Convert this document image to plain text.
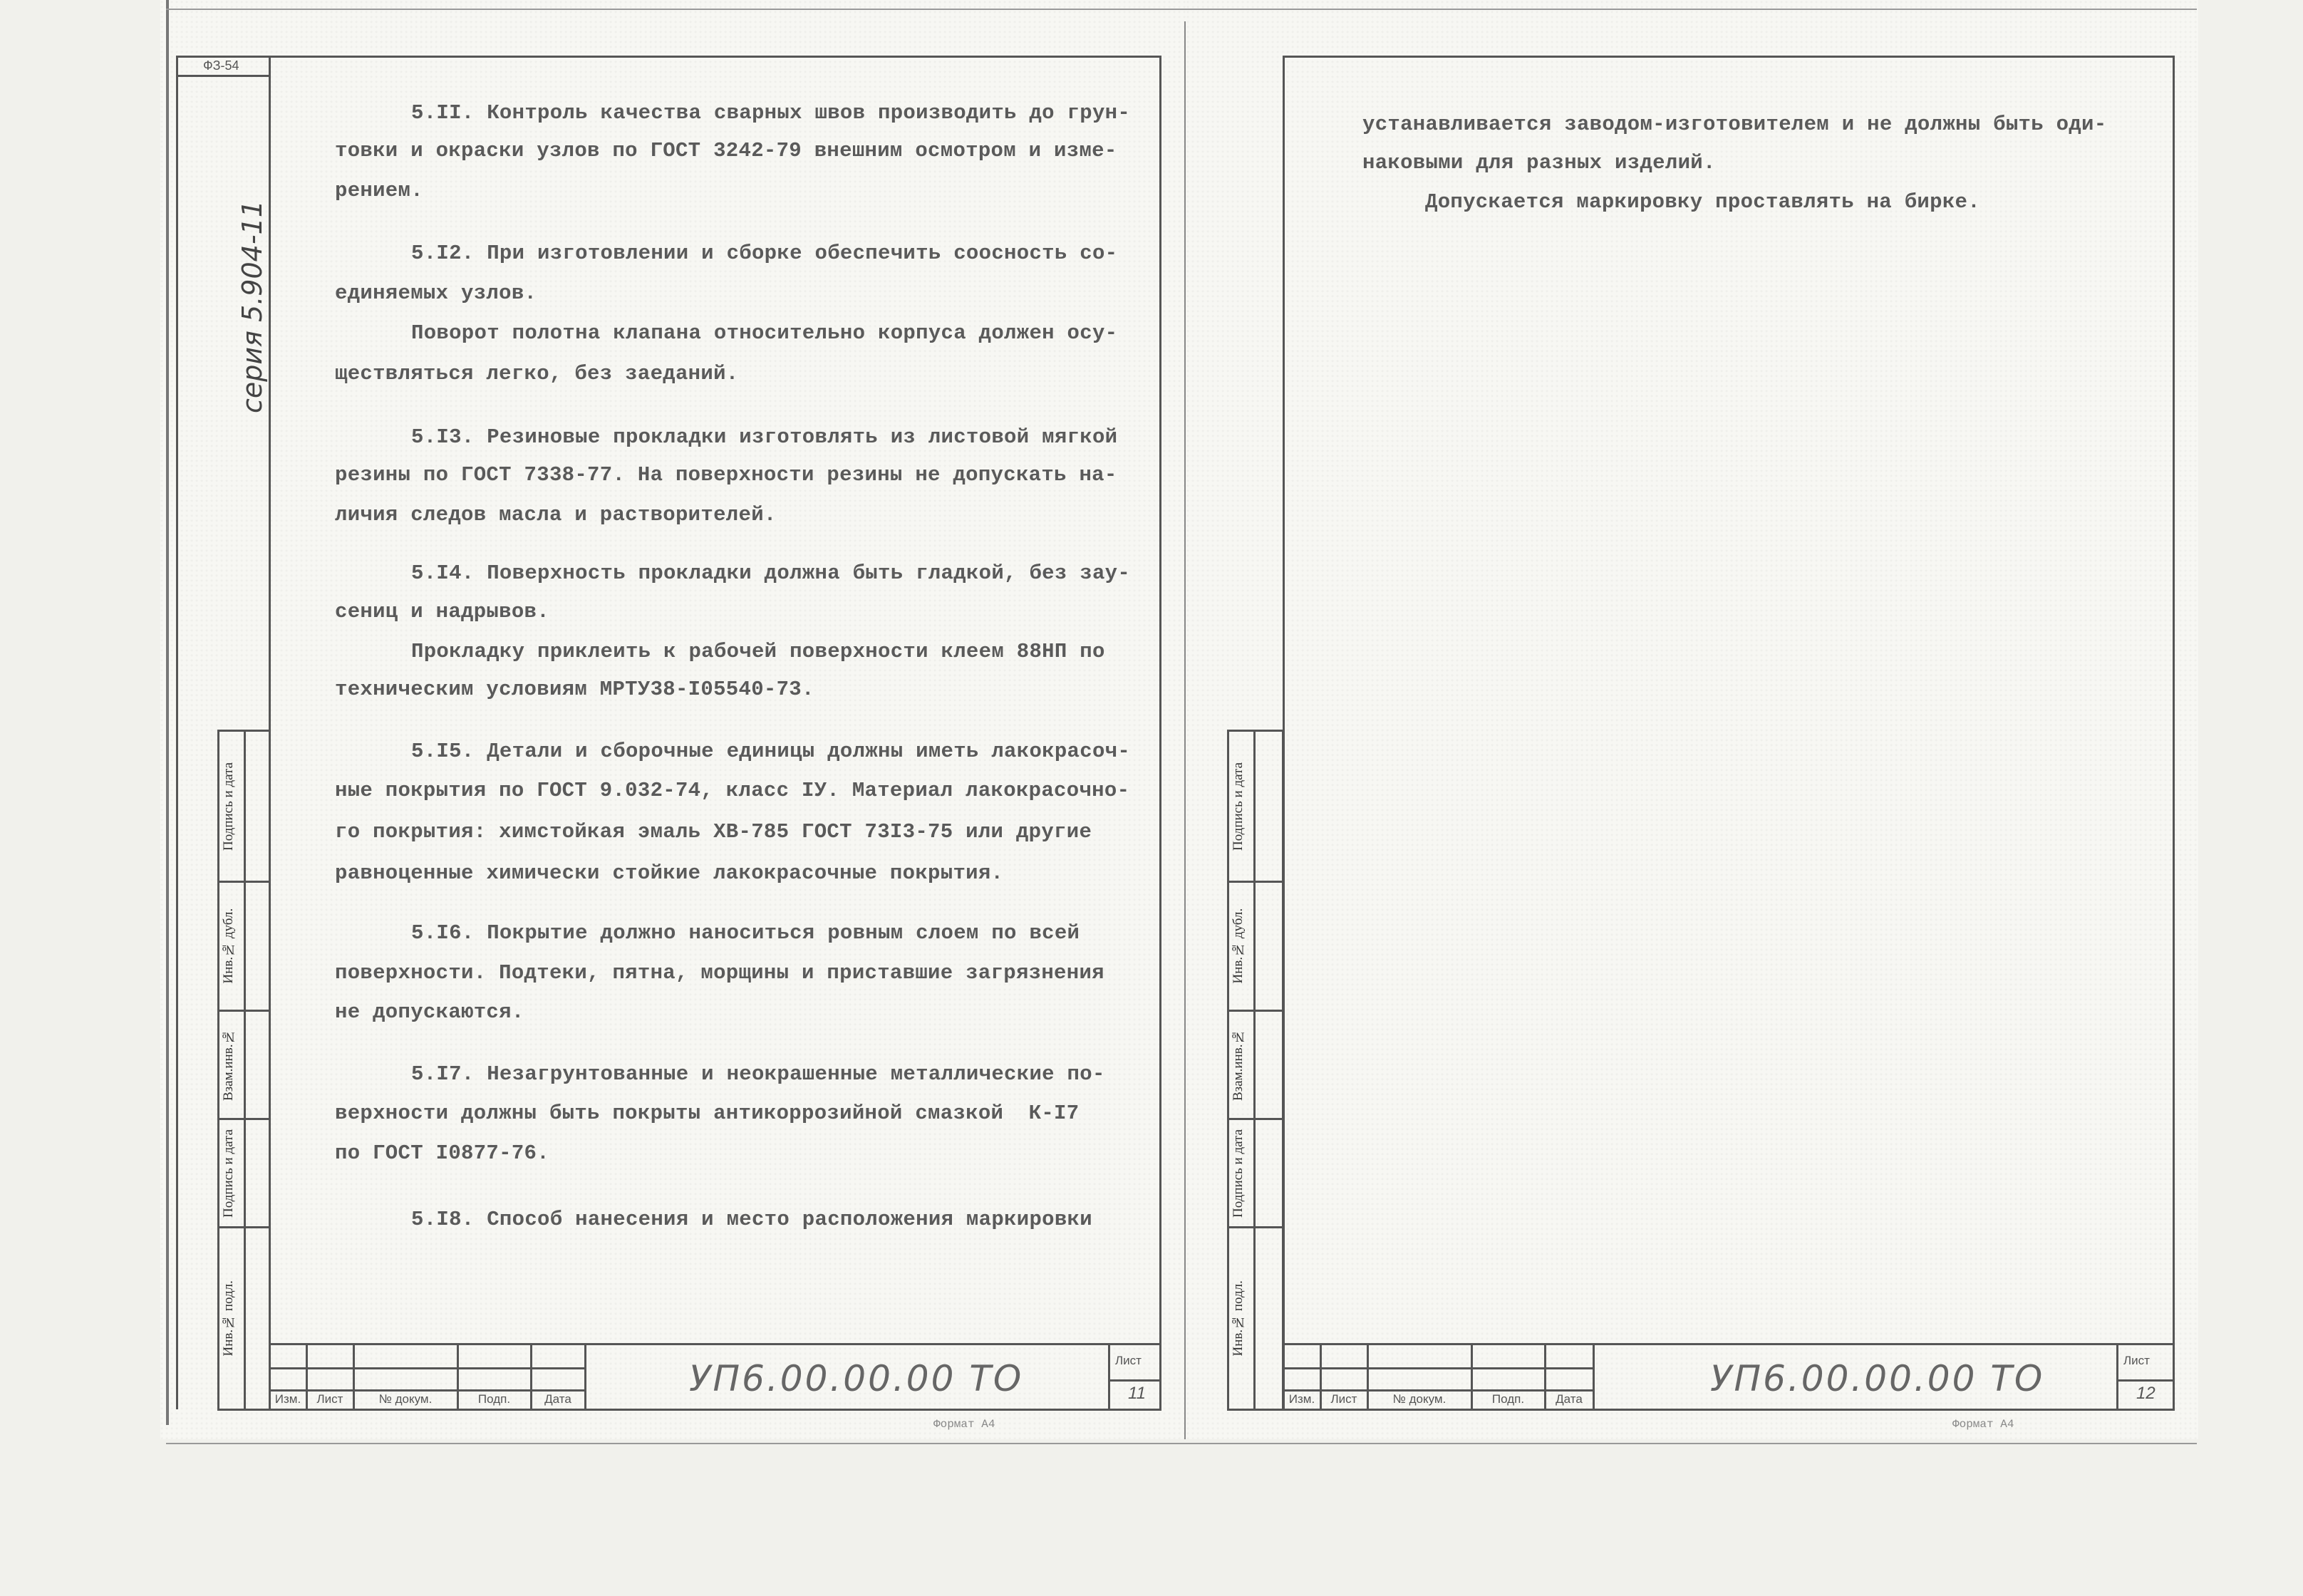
ФЗ-54
серия 5.904-11
Подпись и дата
Инв.№ дубл.
Взам.инв.№
Подпись и дата
Инв.№ подл.
5.II. Контроль качества сварных швов производить до грун-
товки и окраски узлов по ГОСТ 3242-79 внешним осмотром и изме-
рением.
5.I2. При изготовлении и сборке обеспечить соосность со-
единяемых узлов.
Поворот полотна клапана относительно корпуса должен осу-
ществляться легко, без заеданий.
5.I3. Резиновые прокладки изготовлять из листовой мягкой
резины по ГОСТ 7338-77. На поверхности резины не допускать на-
личия следов масла и растворителей.
5.I4. Поверхность прокладки должна быть гладкой, без зау-
сениц и надрывов.
Прокладку приклеить к рабочей поверхности клеем 88НП по
техническим условиям МРТУ38-I05540-73.
5.I5. Детали и сборочные единицы должны иметь лакокрасоч-
ные покрытия по ГОСТ 9.032-74, класс IУ. Материал лакокрасочно-
го покрытия: химстойкая эмаль ХВ-785 ГОСТ 73I3-75 или другие
равноценные химически стойкие лакокрасочные покрытия.
5.I6. Покрытие должно наноситься ровным слоем по всей
поверхности. Подтеки, пятна, морщины и приставшие загрязнения
не допускаются.
5.I7. Незагрунтованные и неокрашенные металлические по-
верхности должны быть покрыты антикоррозийной смазкой  К-I7
по ГОСТ I0877-76.
5.I8. Способ нанесения и место расположения маркировки
Изм.	Лист	№ докум.	Подп.	Дата	УП6.00.00.00 ТО	Лист
11
Формат А4
Подпись и дата
Инв.№ дубл.
Взам.инв.№
Подпись и дата
Инв.№ подл.
устанавливается заводом-изготовителем и не должны быть оди-
наковыми для разных изделий.
Допускается маркировку проставлять на бирке.
Изм.	Лист	№ докум.	Подп.	Дата	УП6.00.00.00 ТО	Лист
12
Формат А4
